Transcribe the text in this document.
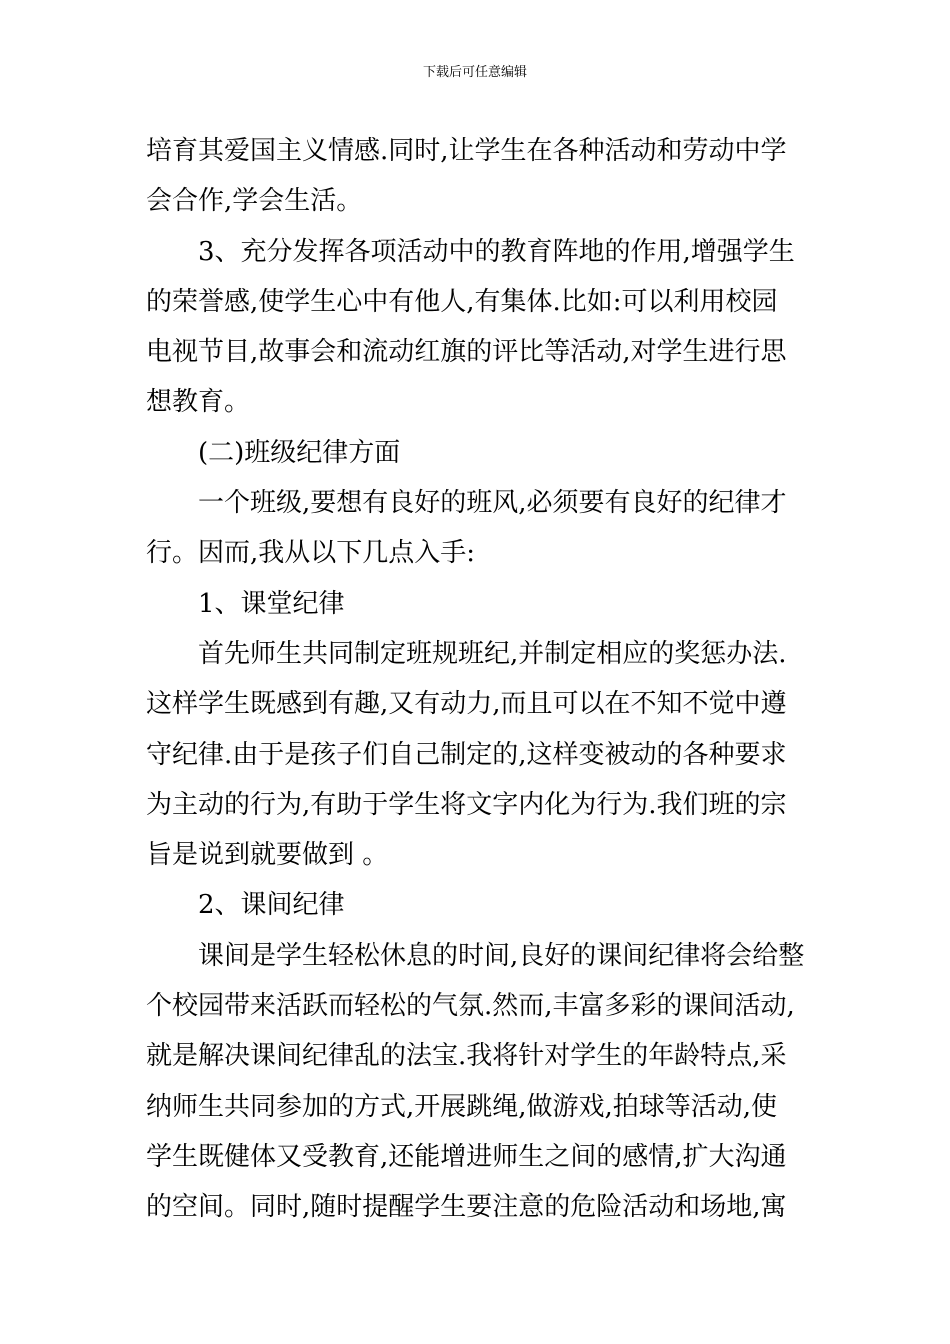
下载后可任意编辑
培育其爱国主义情感.同时,让学生在各种活动和劳动中学
会合作,学会生活。
3、充分发挥各项活动中的教育阵地的作用,增强学生
的荣誉感,使学生心中有他人,有集体.比如:可以利用校园
电视节目,故事会和流动红旗的评比等活动,对学生进行思
想教育。
(二)班级纪律方面
一个班级,要想有良好的班风,必须要有良好的纪律才
行。因而,我从以下几点入手:
1、课堂纪律
首先师生共同制定班规班纪,并制定相应的奖惩办法.
这样学生既感到有趣,又有动力,而且可以在不知不觉中遵
守纪律.由于是孩子们自己制定的,这样变被动的各种要求
为主动的行为,有助于学生将文字内化为行为.我们班的宗
旨是说到就要做到 。
2、课间纪律
课间是学生轻松休息的时间,良好的课间纪律将会给整
个校园带来活跃而轻松的气氛.然而,丰富多彩的课间活动,
就是解决课间纪律乱的法宝.我将针对学生的年龄特点,采
纳师生共同参加的方式,开展跳绳,做游戏,拍球等活动,使
学生既健体又受教育,还能增进师生之间的感情,扩大沟通
的空间。同时,随时提醒学生要注意的危险活动和场地,寓
